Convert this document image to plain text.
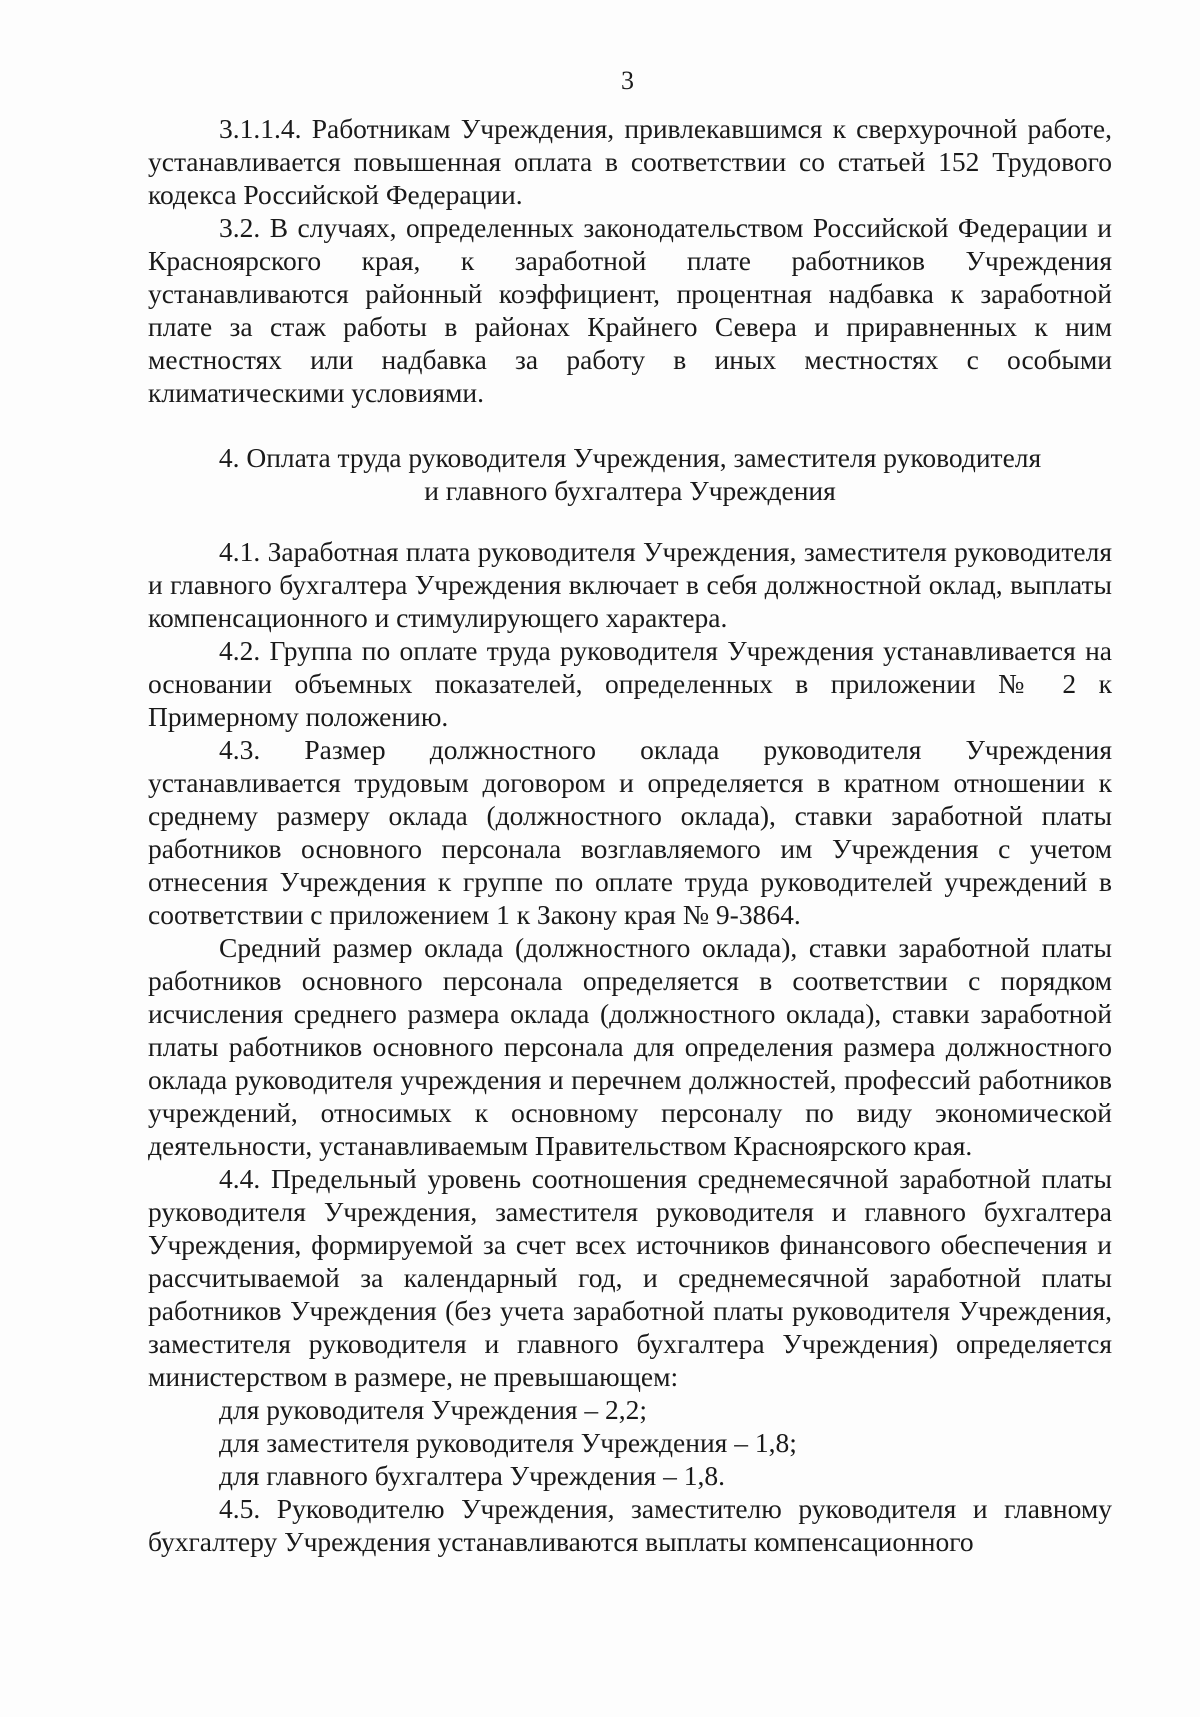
3

3.1.1.4. Работникам Учреждения, привлекавшимся к сверхурочной работе, устанавливается повышенная оплата в соответствии со статьей 152 Трудового кодекса Российской Федерации.

3.2. В случаях, определенных законодательством Российской Федерации и Красноярского края, к заработной плате работников Учреждения устанавливаются районный коэффициент, процентная надбавка к заработной плате за стаж работы в районах Крайнего Севера и приравненных к ним местностях или надбавка за работу в иных местностях с особыми климатическими условиями.

4. Оплата труда руководителя Учреждения, заместителя руководителя
и главного бухгалтера Учреждения

4.1. Заработная плата руководителя Учреждения, заместителя руководителя и главного бухгалтера Учреждения включает в себя должностной оклад, выплаты компенсационного и стимулирующего характера.

4.2. Группа по оплате труда руководителя Учреждения устанавливается на основании объемных показателей, определенных в приложении № 2 к Примерному положению.

4.3. Размер должностного оклада руководителя Учреждения устанавливается трудовым договором и определяется в кратном отношении к среднему размеру оклада (должностного оклада), ставки заработной платы работников основного персонала возглавляемого им Учреждения с учетом отнесения Учреждения к группе по оплате труда руководителей учреждений в соответствии с приложением 1 к Закону края № 9-3864.

Средний размер оклада (должностного оклада), ставки заработной платы работников основного персонала определяется в соответствии с порядком исчисления среднего размера оклада (должностного оклада), ставки заработной платы работников основного персонала для определения размера должностного оклада руководителя учреждения и перечнем должностей, профессий работников учреждений, относимых к основному персоналу по виду экономической деятельности, устанавливаемым Правительством Красноярского края.

4.4. Предельный уровень соотношения среднемесячной заработной платы руководителя Учреждения, заместителя руководителя и главного бухгалтера Учреждения, формируемой за счет всех источников финансового обеспечения и рассчитываемой за календарный год, и среднемесячной заработной платы работников Учреждения (без учета заработной платы руководителя Учреждения, заместителя руководителя и главного бухгалтера Учреждения) определяется министерством в размере, не превышающем:

для руководителя Учреждения – 2,2;

для заместителя руководителя Учреждения – 1,8;

для главного бухгалтера Учреждения – 1,8.

4.5. Руководителю Учреждения, заместителю руководителя и главному бухгалтеру Учреждения устанавливаются выплаты компенсационного
